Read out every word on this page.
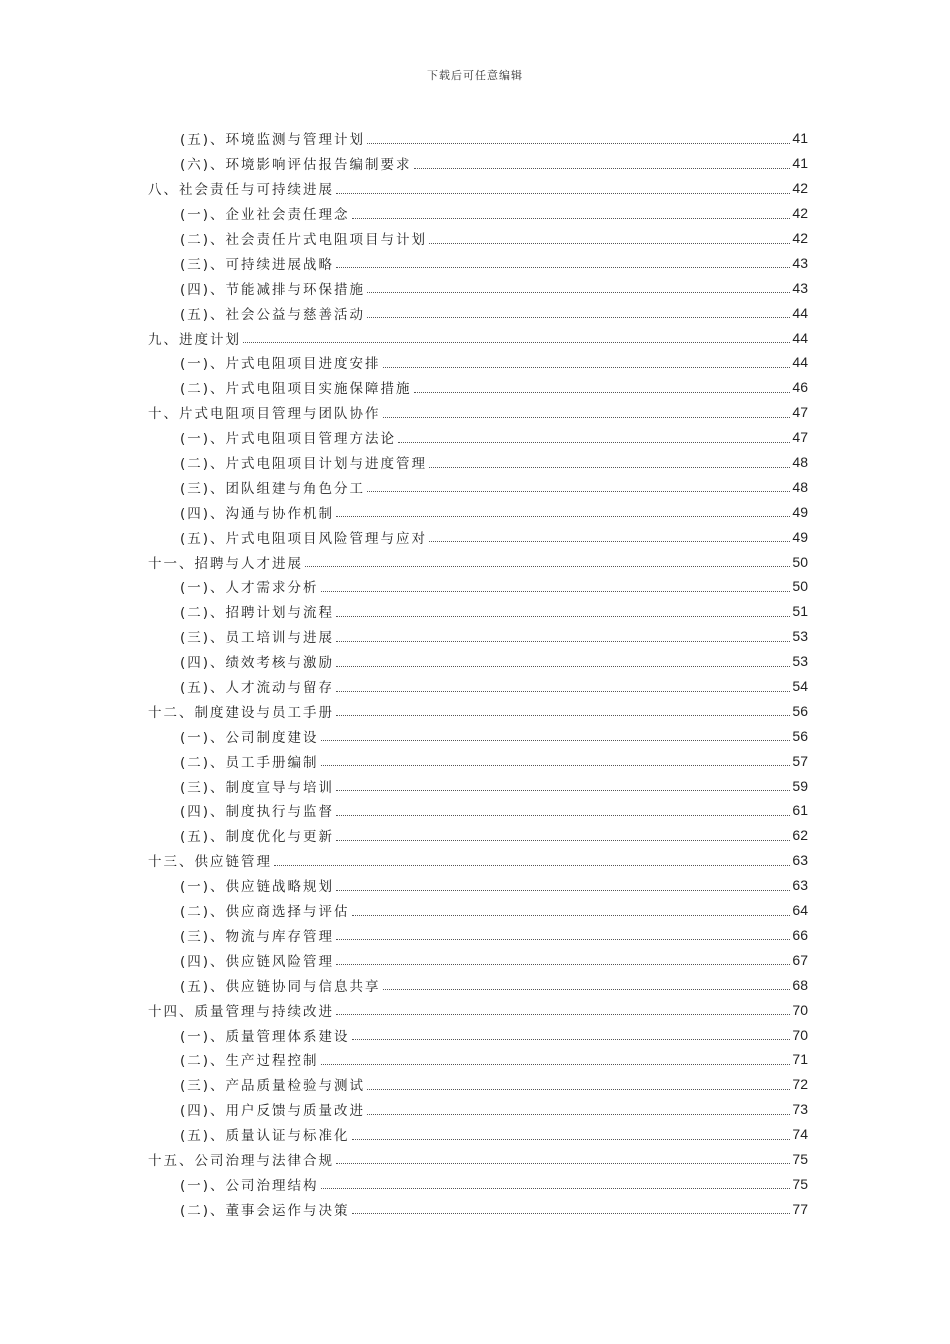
下载后可任意编辑
(五)、环境监测与管理计划	41
(六)、环境影响评估报告编制要求	41
八、社会责任与可持续进展	42
(一)、企业社会责任理念	42
(二)、社会责任片式电阻项目与计划	42
(三)、可持续进展战略	43
(四)、节能减排与环保措施	43
(五)、社会公益与慈善活动	44
九、进度计划	44
(一)、片式电阻项目进度安排	44
(二)、片式电阻项目实施保障措施	46
十、片式电阻项目管理与团队协作	47
(一)、片式电阻项目管理方法论	47
(二)、片式电阻项目计划与进度管理	48
(三)、团队组建与角色分工	48
(四)、沟通与协作机制	49
(五)、片式电阻项目风险管理与应对	49
十一、招聘与人才进展	50
(一)、人才需求分析	50
(二)、招聘计划与流程	51
(三)、员工培训与进展	53
(四)、绩效考核与激励	53
(五)、人才流动与留存	54
十二、制度建设与员工手册	56
(一)、公司制度建设	56
(二)、员工手册编制	57
(三)、制度宣导与培训	59
(四)、制度执行与监督	61
(五)、制度优化与更新	62
十三、供应链管理	63
(一)、供应链战略规划	63
(二)、供应商选择与评估	64
(三)、物流与库存管理	66
(四)、供应链风险管理	67
(五)、供应链协同与信息共享	68
十四、质量管理与持续改进	70
(一)、质量管理体系建设	70
(二)、生产过程控制	71
(三)、产品质量检验与测试	72
(四)、用户反馈与质量改进	73
(五)、质量认证与标准化	74
十五、公司治理与法律合规	75
(一)、公司治理结构	75
(二)、董事会运作与决策	77
